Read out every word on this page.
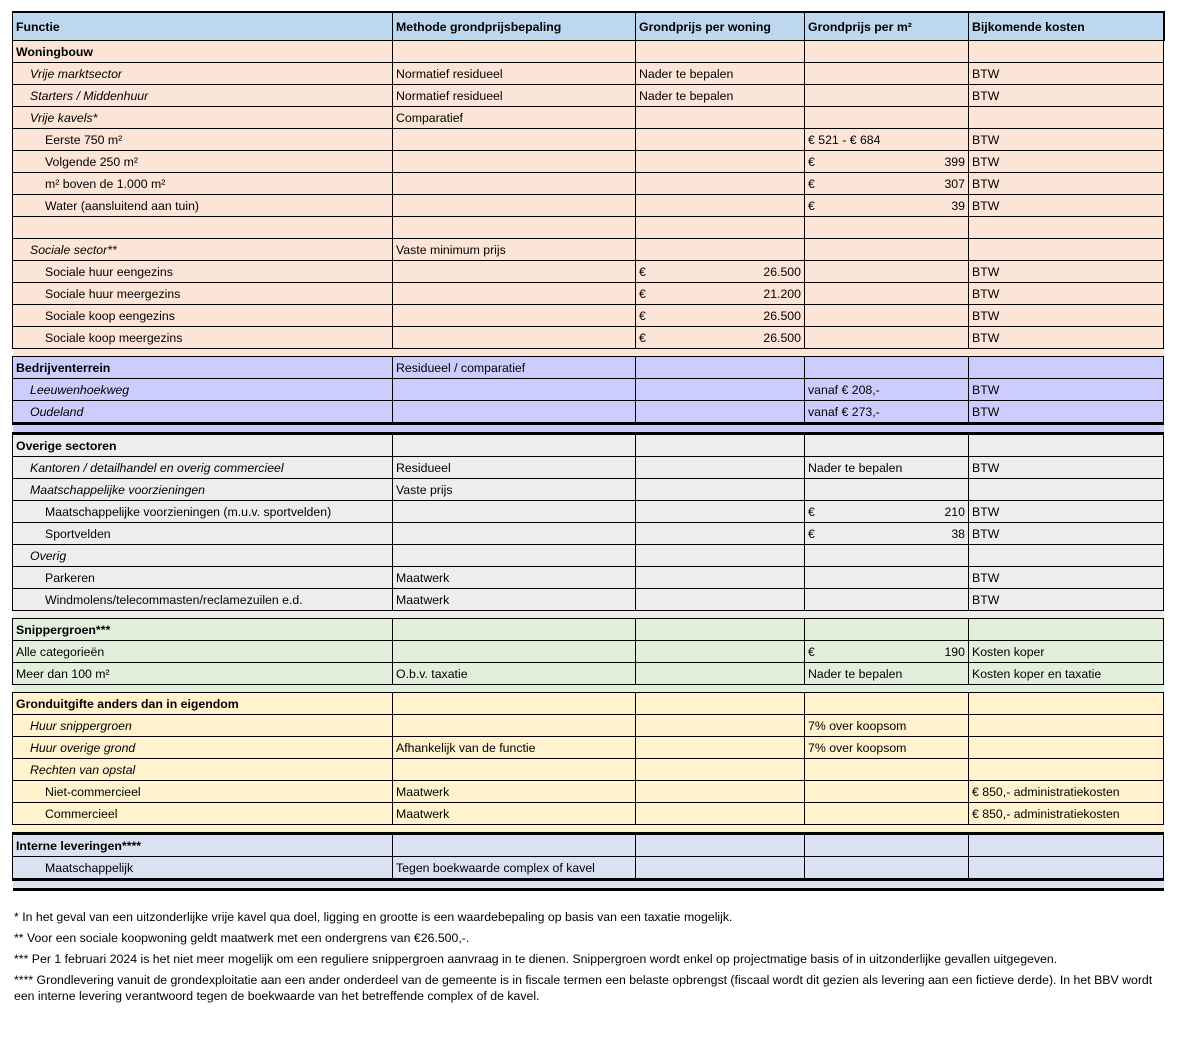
Functie	Methode grondprijsbepaling	Grondprijs per woning	Grondprijs per m²	Bijkomende kosten
Woningbouw				
Vrije marktsector	Normatief residueel	Nader te bepalen		BTW
Starters / Middenhuur	Normatief residueel	Nader te bepalen		BTW
Vrije kavels*	Comparatief			
Eerste 750 m²			€ 521 - € 684	BTW
Volgende 250 m²			€ 399	BTW
m² boven de 1.000 m²			€ 307	BTW
Water (aansluitend aan tuin)			€ 39	BTW

Sociale sector**	Vaste minimum prijs			
Sociale huur eengezins		€ 26.500		BTW
Sociale huur meergezins		€ 21.200		BTW
Sociale koop eengezins		€ 26.500		BTW
Sociale koop meergezins		€ 26.500		BTW

Bedrijventerrein	Residueel / comparatief			
Leeuwenhoekweg			vanaf € 208,-	BTW
Oudeland			vanaf € 273,-	BTW

Overige sectoren				
Kantoren / detailhandel en overig commercieel	Residueel		Nader te bepalen	BTW
Maatschappelijke voorzieningen	Vaste prijs			
Maatschappelijke voorzieningen (m.u.v. sportvelden)			€ 210	BTW
Sportvelden			€ 38	BTW
Overig				
Parkeren	Maatwerk			BTW
Windmolens/telecommasten/reclamezuilen e.d.	Maatwerk			BTW

Snippergroen***				
Alle categorieën			€ 190	Kosten koper
Meer dan 100 m²	O.b.v. taxatie		Nader te bepalen	Kosten koper en taxatie

Gronduitgifte anders dan in eigendom				
Huur snippergroen			7% over koopsom	
Huur overige grond	Afhankelijk van de functie		7% over koopsom	
Rechten van opstal				
Niet-commercieel	Maatwerk			€ 850,- administratiekosten
Commercieel	Maatwerk			€ 850,- administratiekosten

Interne leveringen****				
Maatschappelijk	Tegen boekwaarde complex of kavel			

* In het geval van een uitzonderlijke vrije kavel qua doel, ligging en grootte is een waardebepaling op basis van een taxatie mogelijk.

** Voor een sociale koopwoning geldt maatwerk met een ondergrens van €26.500,-.

*** Per 1 februari 2024 is het niet meer mogelijk om een reguliere snippergroen aanvraag in te dienen. Snippergroen wordt enkel op projectmatige basis of in uitzonderlijke gevallen uitgegeven.

**** Grondlevering vanuit de grondexploitatie aan een ander onderdeel van de gemeente is in fiscale termen een belaste opbrengst (fiscaal wordt dit gezien als levering aan een fictieve derde). In het BBV wordt een interne levering verantwoord tegen de boekwaarde van het betreffende complex of de kavel.
